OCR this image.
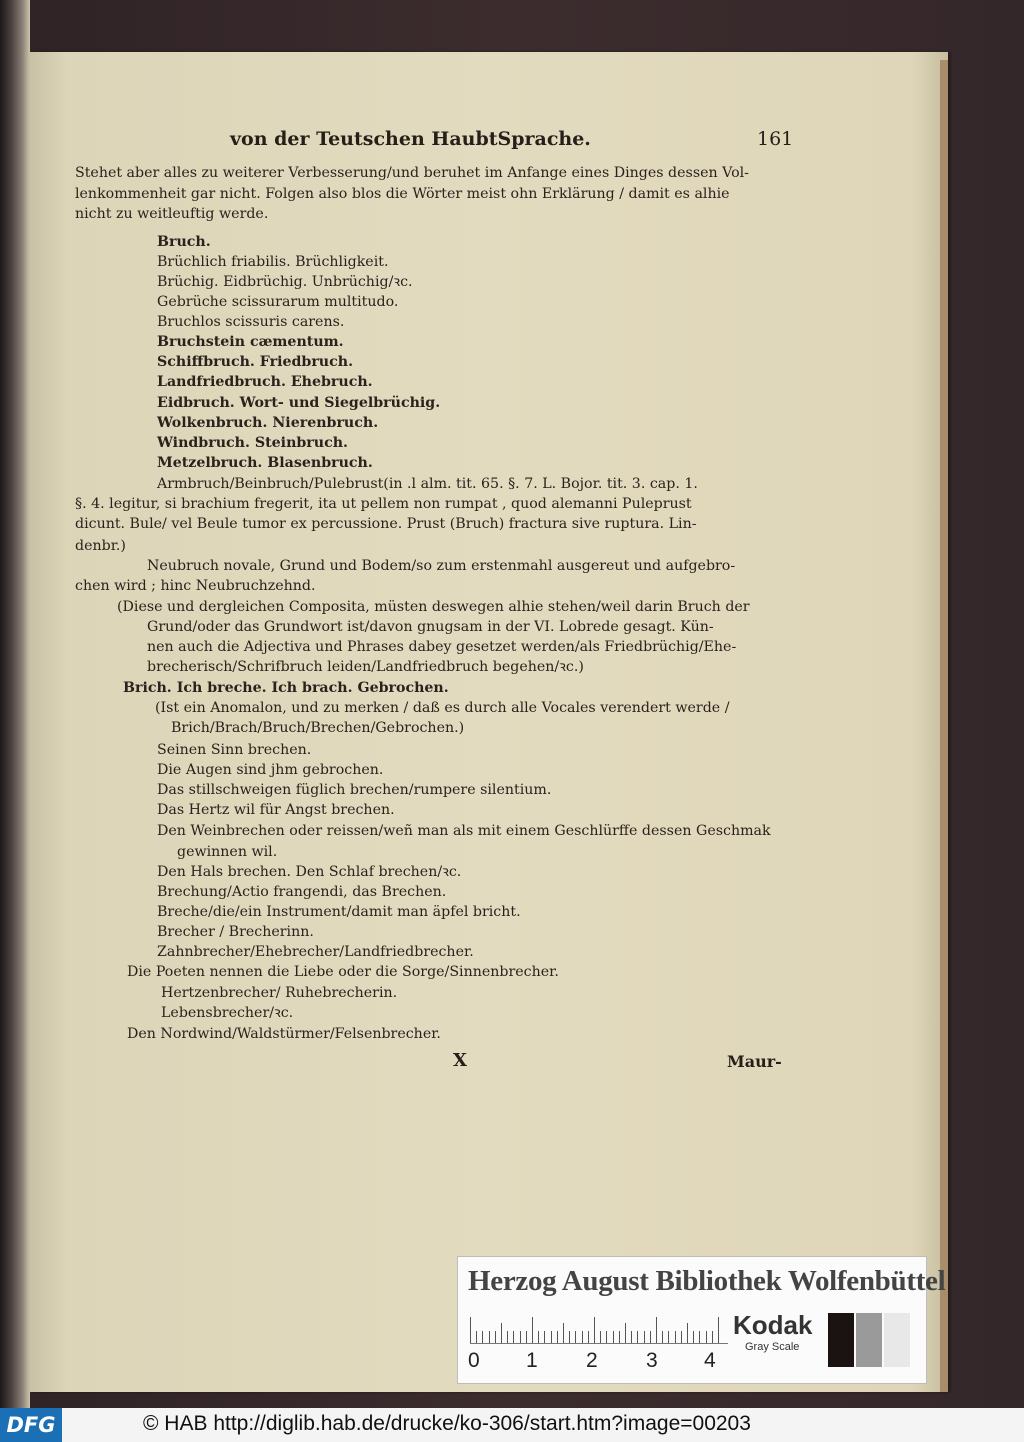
von der Teutschen HaubtSprache.	161
Stehet aber alles zu weiterer Verbesserung/und beruhet im Anfange eines Dinges dessen Vol-
lenkommenheit gar nicht. Folgen also blos die Wörter meist ohn Erklärung / damit es alhie
nicht zu weitleuftig werde.
Bruch.
Brüchlich friabilis. Brüchligkeit.
Brüchig. Eidbrüchig. Unbrüchig/ꝛc.
Gebrüche scissurarum multitudo.
Bruchlos scissuris carens.
Bruchstein cæmentum.
Schiffbruch. Friedbruch.
Landfriedbruch. Ehebruch.
Eidbruch. Wort- und Siegelbrüchig.
Wolkenbruch. Nierenbruch.
Windbruch. Steinbruch.
Metzelbruch. Blasenbruch.
Armbruch/Beinbruch/Pulebrust(in .l alm. tit. 65. §. 7. L. Bojor. tit. 3. cap. 1.
§. 4. legitur, si brachium fregerit, ita ut pellem non rumpat , quod alemanni Puleprust
dicunt. Bule/ vel Beule tumor ex percussione. Prust (Bruch) fractura sive ruptura. Lin-
denbr.)
Neubruch novale, Grund und Bodem/so zum erstenmahl ausgereut und aufgebro-
chen wird ; hinc Neubruchzehnd.
(Diese und dergleichen Composita, müsten deswegen alhie stehen/weil darin Bruch der
Grund/oder das Grundwort ist/davon gnugsam in der VI. Lobrede gesagt. Kün-
nen auch die Adjectiva und Phrases dabey gesetzet werden/als Friedbrüchig/Ehe-
brecherisch/Schrifbruch leiden/Landfriedbruch begehen/ꝛc.)
Brich. Ich breche. Ich brach. Gebrochen.
(Ist ein Anomalon, und zu merken / daß es durch alle Vocales verendert werde /
Brich/Brach/Bruch/Brechen/Gebrochen.)
Seinen Sinn brechen.
Die Augen sind jhm gebrochen.
Das stillschweigen füglich brechen/rumpere silentium.
Das Hertz wil für Angst brechen.
Den Weinbrechen oder reissen/weñ man als mit einem Geschlürffe dessen Geschmak
gewinnen wil.
Den Hals brechen. Den Schlaf brechen/ꝛc.
Brechung/Actio frangendi, das Brechen.
Breche/die/ein Instrument/damit man äpfel bricht.
Brecher / Brecherinn.
Zahnbrecher/Ehebrecher/Landfriedbrecher.
Die Poeten nennen die Liebe oder die Sorge/Sinnenbrecher.
Hertzenbrecher/ Ruhebrecherin.
Lebensbrecher/ꝛc.
Den Nordwind/Waldstürmer/Felsenbrecher.
X	Maur-
Herzog August Bibliothek Wolfenbüttel
Kodak
Gray Scale
0 1 2 3 4
DFG	© HAB http://diglib.hab.de/drucke/ko-306/start.htm?image=00203
